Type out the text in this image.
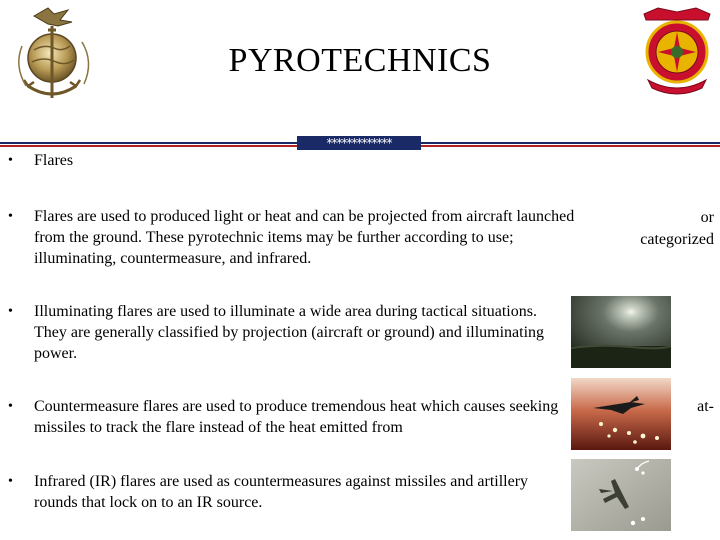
PYROTECHNICS
*************
• Flares
• Flares are used to produced light or heat and can be projected from aircraft launched from the ground. These pyrotechnic items may be further according to use; illuminating, countermeasure, and infrared.
or
categorized
• Illuminating flares are used to illuminate a wide area during tactical situations. They are generally classified by projection (aircraft or ground) and illuminating power.
• Countermeasure flares are used to produce tremendous heat which causes seeking missiles to track the flare instead of the heat emitted from
at-
• Infrared (IR) flares are used as countermeasures against missiles and artillery rounds that lock on to an IR source.
